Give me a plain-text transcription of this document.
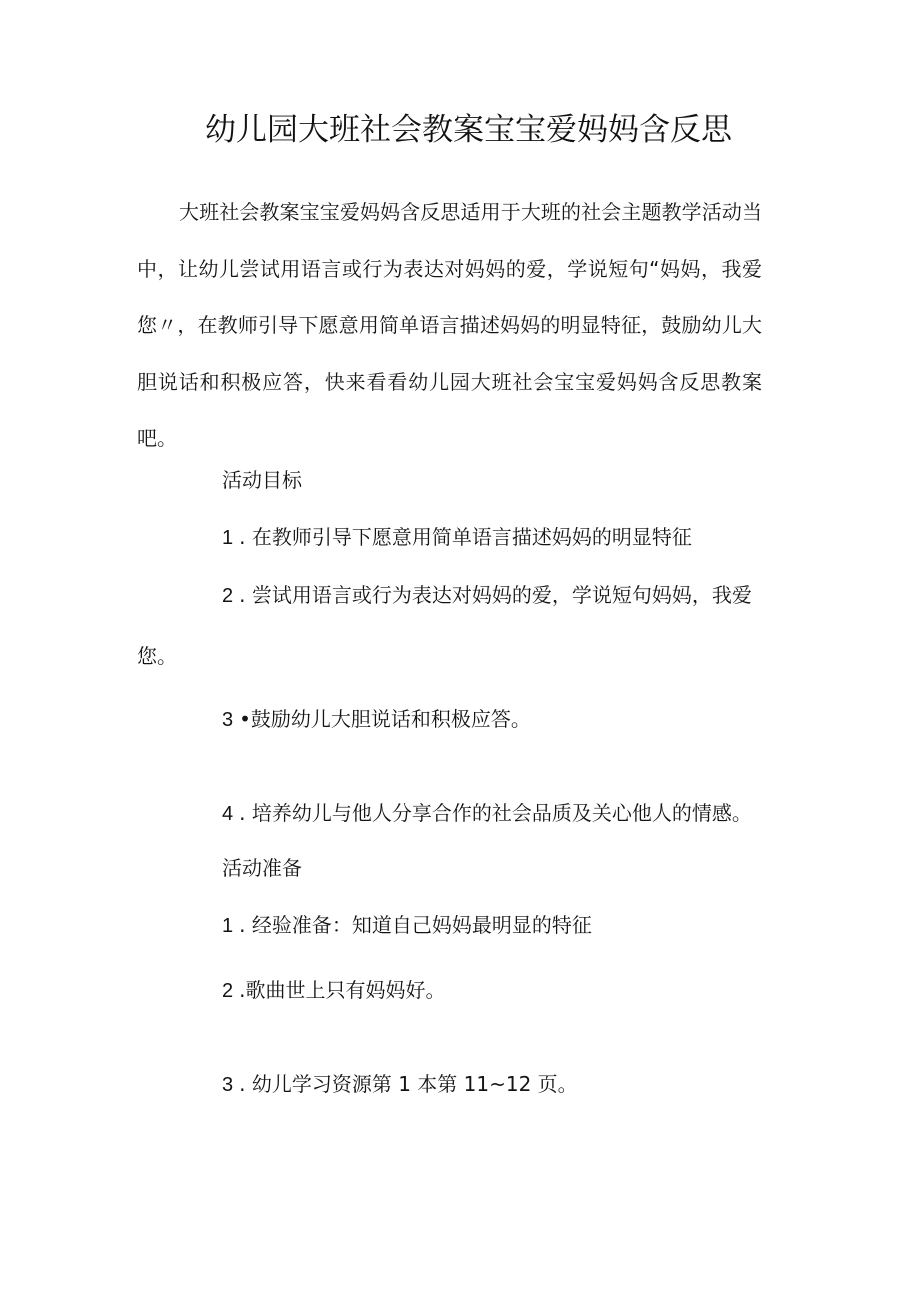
幼儿园大班社会教案宝宝爱妈妈含反思
大班社会教案宝宝爱妈妈含反思适用于大班的社会主题教学活动当中，让幼儿尝试用语言或行为表达对妈妈的爱，学说短句“妈妈，我爱您〃，在教师引导下愿意用简单语言描述妈妈的明显特征，鼓励幼儿大胆说话和积极应答，快来看看幼儿园大班社会宝宝爱妈妈含反思教案吧。
活动目标
1 . 在教师引导下愿意用简单语言描述妈妈的明显特征
2 . 尝试用语言或行为表达对妈妈的爱，学说短句妈妈，我爱您。
3 •鼓励幼儿大胆说话和积极应答。
4 . 培养幼儿与他人分享合作的社会品质及关心他人的情感。
活动准备
1 . 经验准备：知道自己妈妈最明显的特征
2 .歌曲世上只有妈妈好。
3 . 幼儿学习资源第 1 本第 11~12 页。
